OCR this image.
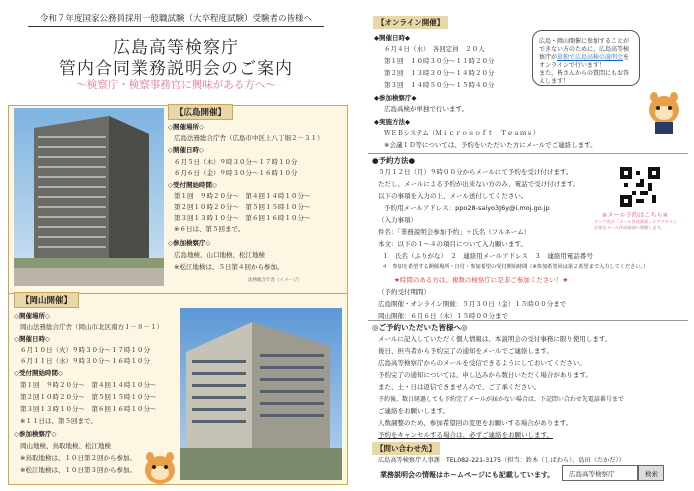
令和７年度国家公務員採用一般職試験（大卒程度試験）受験者の皆様へ
広島高等検察庁
管内合同業務説明会のご案内
～検察庁・検察事務官に興味がある方へ～
法務総合庁舎（イメージ）
【広島開催】
◇開催場所◇
広島法務総合庁舎（広島市中区上八丁堀２－３１）
◇開催日時◇
６月５日（木）９時３０分～１７時１０分
６月６日（金）９時３０分～１６時１０分
◇受付開始時間◇
第１回　９時２０分～　第４回１４時１０分～
第２回１０時２０分～　第５回１５時１０分～
第３回１３時１０分～　第６回１６時１０分～
※６日は、第５回まで。
◇参加検察庁◇
広島地検、山口地検、松江地検
※松江地検は、５日第４回から参加。
【岡山開催】
◇開催場所◇
岡山法務総合庁舎（岡山市北区南方１－８－１）
◇開催日時◇
６月１０日（火）９時３０分～１７時１０分
６月１１日（水）９時３０分～１６時１０分
◇受付開始時間◇
第１回　９時２０分～　第４回１４時１０分～
第２回１０時２０分～　第５回１５時１０分～
第３回１３時１０分～　第６回１６時１０分～
※１１日は、第５回まで。
◇参加検察庁◇
岡山地検、鳥取地検、松江地検
※鳥取地検は、１０日第２回から参加。
※松江地検は、１０日第３回から参加。
【オンライン開催】
◆開催日時◆
６月４日（水）　各回定員　２０人
第１回　１０時３０分～１１時２０分
第２回　１３時３０分～１４時２０分
第３回　１４時５０分～１５時４０分
◆参加検察庁◆
広島高検が単独で行います。
◆実施方法◆
ＷＥＢシステム（Ｍｉｃｒｏｓｏｆｔ　Ｔｅａｍｓ）
※会議ＩＤ等については、予約をいただいた方にメールでご連絡します。
広島・岡山開催に参加することが
できない方のために、広島高等検
察庁が単独で広島高検の説明会を
オンラインで行います！
また、皆さんからの質問にもお答
えします！
●予約方法●
５月１２日（月）９時００分からメールにて予約を受け付けます。
ただし、メールによる予約が出来ない方のみ、電話で受け付けます。
以下の事項を入力の上、メール送付してください。
予約用メールアドレス：ppo28-saiyo3J6y@i.moj.go.jp
（入力事項）
件名：「業務説明会参加予約」＋氏名（フルネーム）
本文：以下の１～４の項目について入力願います。
１　氏名（ふりがな）　２　連絡用メールアドレス　３　連絡用電話番号
４　参加を希望する開催場所・日付・参加希望の受付開始時間（※参加希望回は第２希望まで入力してください。）
★時間のある方は、複数の検察庁に是非ご参加ください！★
（予約受付期間）
広島開催・オンライン開催：５月３０日（金）１５時００分まで
岡山開催：６月６日（木）１５時００分まで
※メール予約はこちら※
リンク先の「メール作成画面」にアクセスし
必要なメール作成画面へ移動します。
◎ご予約いただいた皆様へ◎
メールに記入していただく個人情報は、本説明会の受付事務に限り使用します。
後日、担当者から予約完了の通知をメールでご連絡します。
広島高等検察庁からのメールを受信できるようにしておいてください。
予約完了の通知については、申し込みから数日いただく場合があります。
また、土・日は返信できませんので、ご了承ください。
予約後、数日経過しても予約完了メールが届かない場合は、下記問い合わせ先電話番号まで
ご連絡をお願いします。
人数調整のため、参加希望回の変更をお願いする場合があります。
予約をキャンセルする場合は、必ずご連絡をお願いします。
【問い合わせ先】
広島高等検察庁人事課　TEL082-221-3175（担当：鈴木（しばわら）、島田（たかだ））
業務説明会の情報はホームページにも記載しています。 広島高等検察庁	検索
